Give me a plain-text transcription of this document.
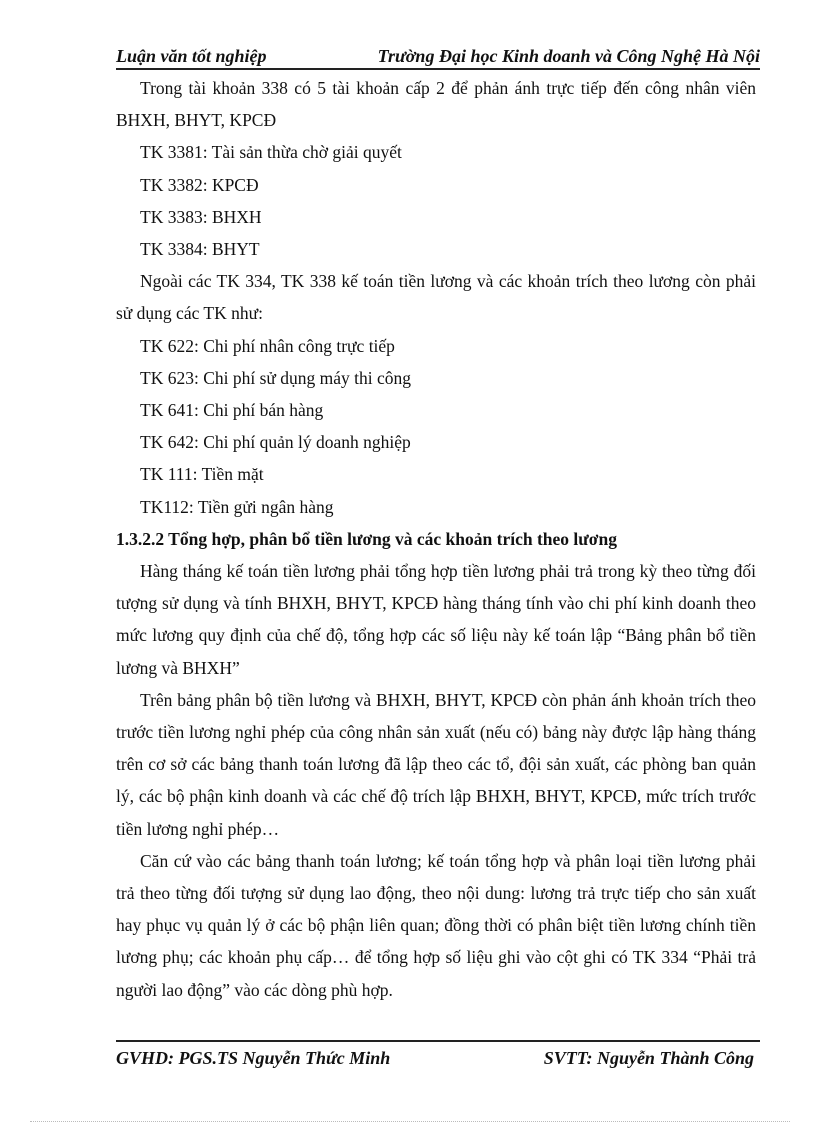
Luận văn tốt nghiệp	Trường Đại học Kinh doanh và Công Nghệ Hà Nội

Trong tài khoản 338 có 5 tài khoản cấp 2 để phản ánh trực tiếp đến công nhân viên BHXH, BHYT, KPCĐ

TK 3381: Tài sản thừa chờ giải quyết

TK 3382: KPCĐ

TK 3383: BHXH

TK 3384: BHYT

Ngoài các TK 334, TK 338 kế toán tiền lương và các khoản trích theo lương còn phải sử dụng các TK như:

TK 622: Chi phí nhân công trực tiếp

TK 623: Chi phí sử dụng máy thi công

TK 641: Chi phí bán hàng

TK 642: Chi phí quản lý doanh nghiệp

TK 111: Tiền mặt

TK112: Tiền gửi ngân hàng

1.3.2.2 Tổng hợp, phân bổ tiền lương và các khoản trích theo lương

Hàng tháng kế toán tiền lương phải tổng hợp tiền lương phải trả trong kỳ theo từng đối tượng sử dụng và tính BHXH, BHYT, KPCĐ hàng tháng tính vào chi phí kinh doanh theo mức lương quy định của chế độ, tổng hợp các số liệu này kế toán lập “Bảng phân bổ tiền lương và BHXH”

Trên bảng phân bộ tiền lương và BHXH, BHYT, KPCĐ còn phản ánh khoản trích theo trước tiền lương nghỉ phép của công nhân sản xuất (nếu có) bảng này được lập hàng tháng trên cơ sở các bảng thanh toán lương đã lập theo các tổ, đội sản xuất, các phòng ban quản lý, các bộ phận kinh doanh và các chế độ trích lập BHXH, BHYT, KPCĐ, mức trích trước tiền lương nghỉ phép…

Căn cứ vào các bảng thanh toán lương; kế toán tổng hợp và phân loại tiền lương phải trả theo từng đối tượng sử dụng lao động, theo nội dung: lương trả trực tiếp cho sản xuất hay phục vụ quản lý ở các bộ phận liên quan; đồng thời có phân biệt tiền lương chính tiền lương phụ; các khoản phụ cấp… để tổng hợp số liệu ghi vào cột ghi có TK 334 “Phải trả người lao động” vào các dòng phù hợp.

GVHD: PGS.TS Nguyễn Thức Minh	SVTT: Nguyễn Thành Công
